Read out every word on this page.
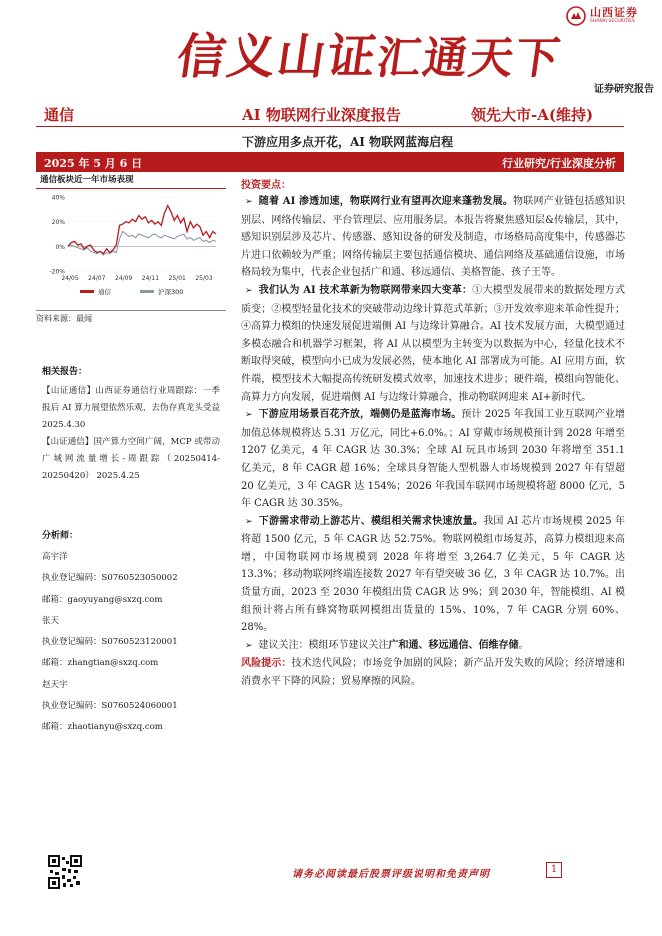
山西证券
SHANXI SECURITIES
信义山证汇通天下
证券研究报告
通信	AI 物联网行业深度报告	领先大市-A(维持)
下游应用多点开花，AI 物联网蓝海启程
2025 年 5 月 6 日	行业研究/行业深度分析
通信板块近一年市场表现
40%
20%
0%
-20%
24/05 24/07 24/09 24/11 25/01 25/03
通信	沪深300
资料来源：最闻
相关报告：

【山证通信】山西证券通信行业周跟踪：一季报后 AI 算力展望依然乐观，去伪存真龙头受益 2025.4.30

【山证通信】国产算力空间广阔，MCP 或带动广域网流量增长-周跟踪（20250414-20250420） 2025.4.25

分析师：
高宇洋
执业登记编码：S0760523050002
邮箱：gaoyuyang@sxzq.com
张天
执业登记编码：S0760523120001
邮箱：zhangtian@sxzq.com
赵天宇
执业登记编码：S0760524060001
邮箱：zhaotianyu@sxzq.com
投资要点：

➢ 随着 AI 渗透加速，物联网行业有望再次迎来蓬勃发展。物联网产业链包括感知识别层、网络传输层、平台管理层、应用服务层。本报告将聚焦感知层&传输层，其中，感知识别层涉及芯片、传感器、感知设备的研发及制造，市场格局高度集中，传感器芯片进口依赖较为严重；网络传输层主要包括通信模块、通信网络及基础通信设施，市场格局较为集中，代表企业包括广和通、移远通信、美格智能、孩子王等。

➢ 我们认为 AI 技术革新为物联网带来四大变革：①大模型发展带来的数据处理方式质变；②模型轻量化技术的突破带动边缘计算范式革新；③开发效率迎来革命性提升；④高算力模组的快速发展促进端侧 AI 与边缘计算融合。AI 技术发展方面，大模型通过多模态融合和机器学习框架，将 AI 从以模型为主转变为以数据为中心，轻量化技术不断取得突破，模型向小已成为发展必然，使本地化 AI 部署成为可能。AI 应用方面，软件端，模型技术大幅提高传统研发模式效率，加速技术进步；硬件端，模组向智能化、高算力方向发展，促进端侧 AI 与边缘计算融合，推动物联网迎来 AI+新时代。

➢ 下游应用场景百花齐放，端侧仍是蓝海市场。预计 2025 年我国工业互联网产业增加值总体规模将达 5.31 万亿元，同比+6.0%。；AI 穿戴市场规模预计到 2028 年增至 1207 亿美元，4 年 CAGR 达 30.3%；全球 AI 玩具市场到 2030 年将增至 351.1 亿美元，8 年 CAGR 超 16%；全球具身智能人型机器人市场规模到 2027 年有望超 20 亿美元，3 年 CAGR 达 154%；2026 年我国车联网市场规模将超 8000 亿元，5 年 CAGR 达 30.35%。

➢ 下游需求带动上游芯片、模组相关需求快速放量。我国 AI 芯片市场规模 2025 年将超 1500 亿元，5 年 CAGR 达 52.75%。物联网模组市场复苏，高算力模组迎来高增，中国物联网市场规模到 2028 年将增至 3,264.7 亿美元，5 年 CAGR 达 13.3%；移动物联网终端连接数 2027 年有望突破 36 亿，3 年 CAGR 达 10.7%。出货量方面，2023 至 2030 年模组出货 CAGR 达 9%；到 2030 年，智能模组、AI 模组预计将占所有蜂窝物联网模组出货量的 15%、10%，7 年 CAGR 分别 60%、28%。

➢ 建议关注：模组环节建议关注广和通、移远通信、佰维存储。

风险提示：技术迭代风险；市场竞争加剧的风险；新产品开发失败的风险；经济增速和消费水平下降的风险；贸易摩擦的风险。

请务必阅读最后股票评级说明和免责声明	1
